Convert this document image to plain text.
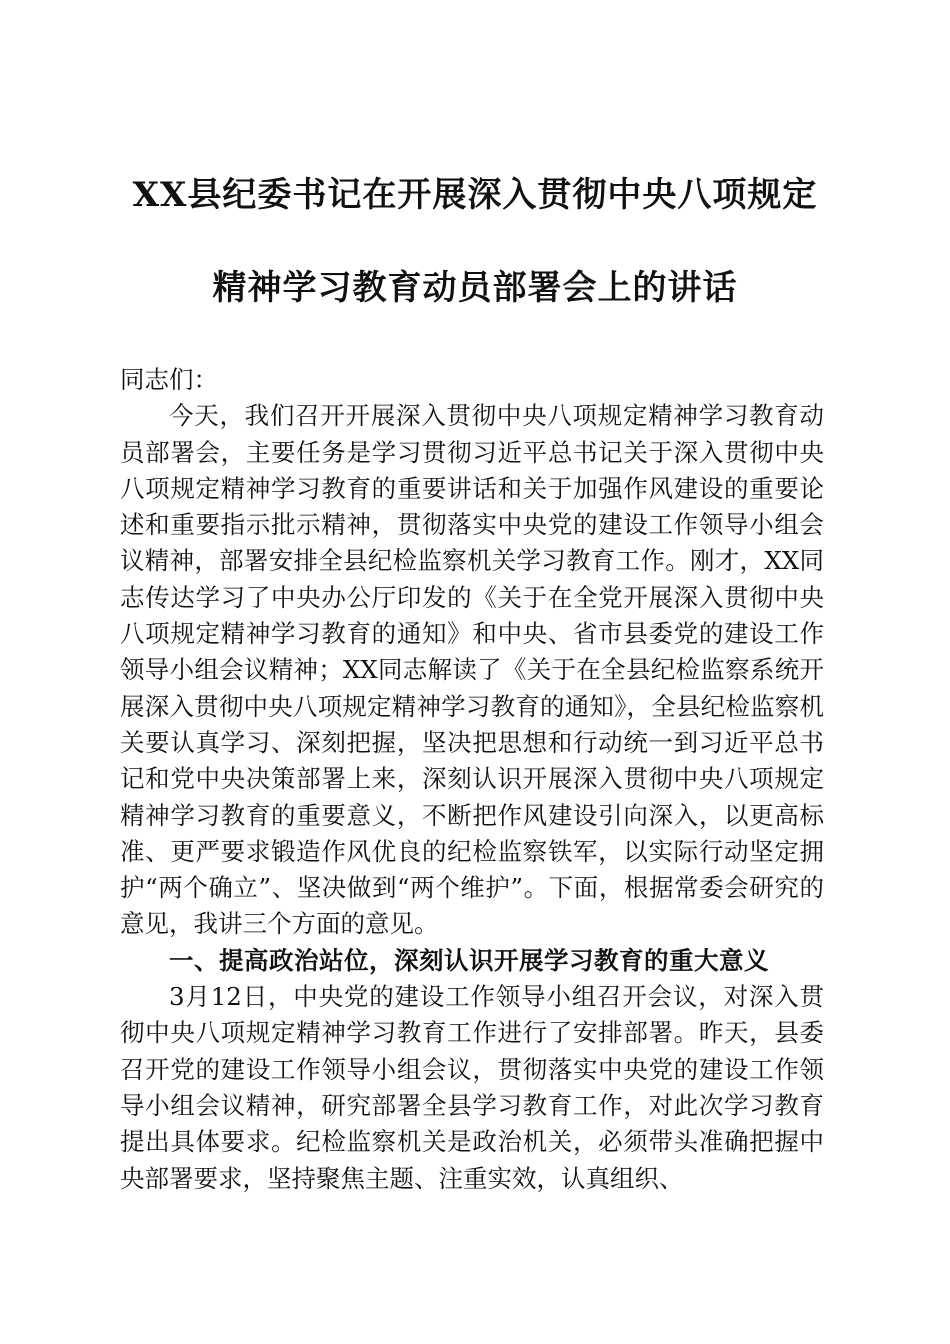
XX县纪委书记在开展深入贯彻中央八项规定
精神学习教育动员部署会上的讲话

同志们：

今天，我们召开开展深入贯彻中央八项规定精神学习教育动员部署会，主要任务是学习贯彻习近平总书记关于深入贯彻中央八项规定精神学习教育的重要讲话和关于加强作风建设的重要论述和重要指示批示精神，贯彻落实中央党的建设工作领导小组会议精神，部署安排全县纪检监察机关学习教育工作。刚才，XX同志传达学习了中央办公厅印发的《关于在全党开展深入贯彻中央八项规定精神学习教育的通知》和中央、省市县委党的建设工作领导小组会议精神；XX同志解读了《关于在全县纪检监察系统开展深入贯彻中央八项规定精神学习教育的通知》，全县纪检监察机关要认真学习、深刻把握，坚决把思想和行动统一到习近平总书记和党中央决策部署上来，深刻认识开展深入贯彻中央八项规定精神学习教育的重要意义，不断把作风建设引向深入，以更高标准、更严要求锻造作风优良的纪检监察铁军，以实际行动坚定拥护“两个确立”、坚决做到“两个维护”。下面，根据常委会研究的意见，我讲三个方面的意见。

一、提高政治站位，深刻认识开展学习教育的重大意义

3月12日，中央党的建设工作领导小组召开会议，对深入贯彻中央八项规定精神学习教育工作进行了安排部署。昨天，县委召开党的建设工作领导小组会议，贯彻落实中央党的建设工作领导小组会议精神，研究部署全县学习教育工作，对此次学习教育提出具体要求。纪检监察机关是政治机关，必须带头准确把握中央部署要求，坚持聚焦主题、注重实效，认真组织、
